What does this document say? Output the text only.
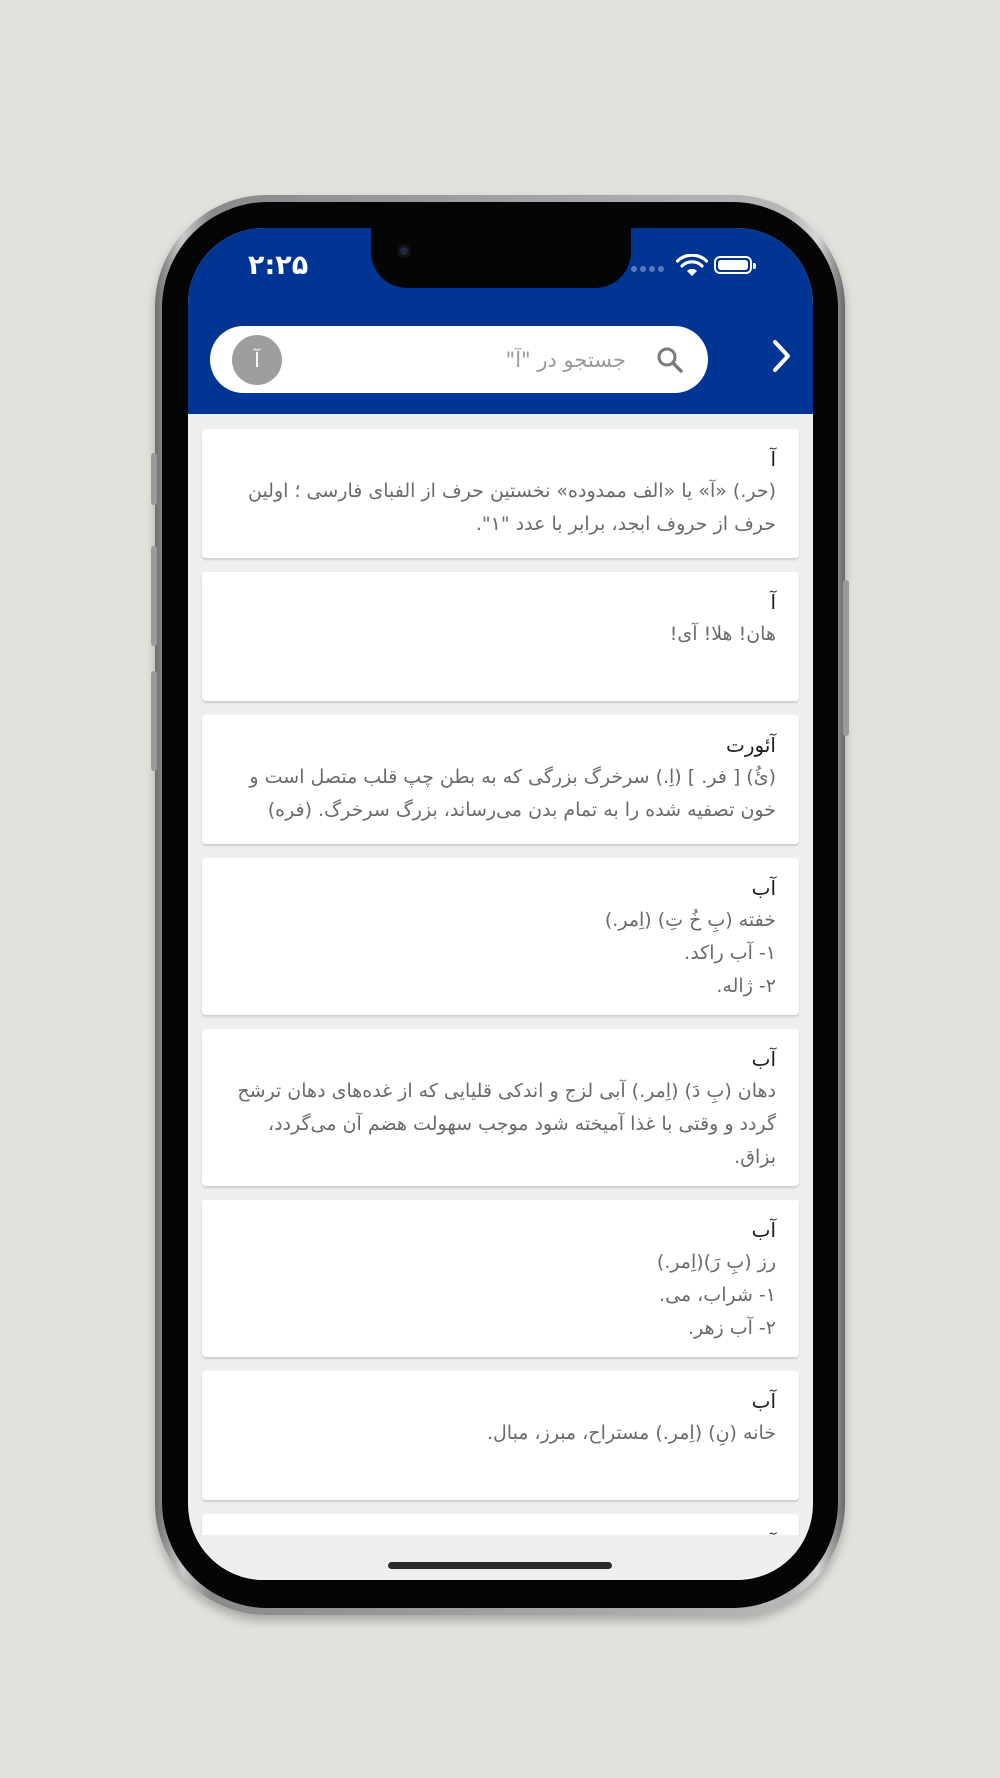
۲:۲۵
آ
جستجو در "آ"
آ
(حر.) «آ» یا «الف ممدوده» نخستین حرف از الفبای فارسی ؛ اولین حرف از حروف ابجد، برابر با عدد "۱".
آ
هان! هلا! آی!
آئورت
(ئُ) [ فر. ] (اِ.) سرخرگ بزرگی که به بطن چپ قلب متصل است و خون تصفیه شده را به تمام بدن می‌رساند، بزرگ سرخرگ. (فره)
آب
خفته (بِ خُ تِ) (اِمر.)
۱- آب راکد.
۲- ژاله.
آب
دهان (بِ دَ) (اِمر.) آبی لزج و اندکی قلیایی که از غده‌های دهان ترشح گردد و وقتی با غذا آمیخته شود موجب سهولت هضم آن می‌گردد، بزاق.
آب
رز (بِ رَ)(اِمر.)
۱- شراب، می.
۲- آب زهر.
آب
خانه (نِ) (اِمر.) مستراح، مبرز، مبال.
